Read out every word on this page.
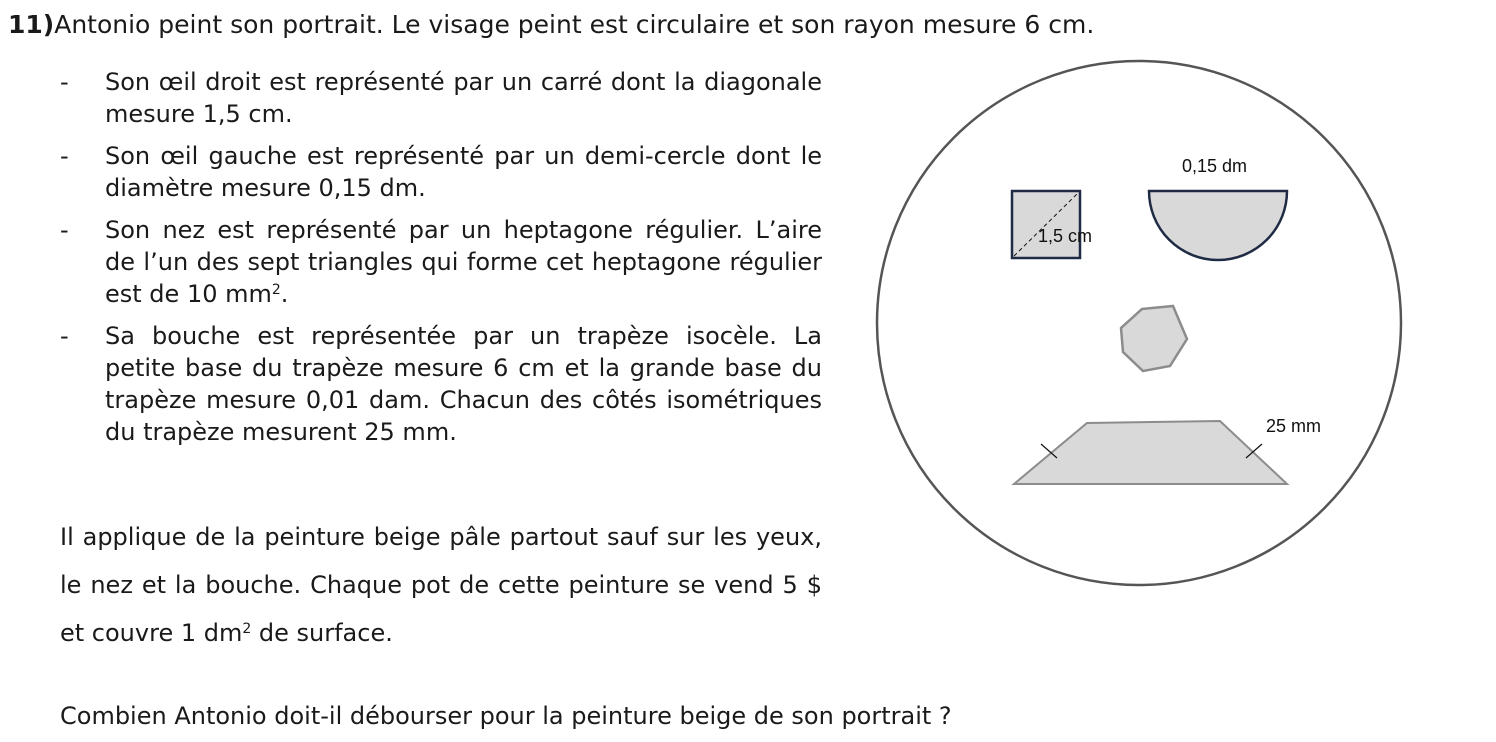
11)Antonio peint son portrait. Le visage peint est circulaire et son rayon mesure 6 cm.
- Son œil droit est représenté par un carré dont la diagonale mesure 1,5 cm.
- Son œil gauche est représenté par un demi-cercle dont le diamètre mesure 0,15 dm.
- Son nez est représenté par un heptagone régulier. L’aire de l’un des sept triangles qui forme cet heptagone régulier est de 10 $mm^2$.
- Sa bouche est représentée par un trapèze isocèle. La petite base du trapèze mesure 6 cm et la grande base du trapèze mesure 0,01 dam. Chacun des côtés isométriques du trapèze mesurent 25 mm.
Il applique de la peinture beige pâle partout sauf sur les yeux, le nez et la bouche. Chaque pot de cette peinture se vend 5 $ et couvre 1 $dm^2$ de surface.
Combien Antonio doit-il débourser pour la peinture beige de son portrait ?
1,5 cm
0,15 dm
25 mm
